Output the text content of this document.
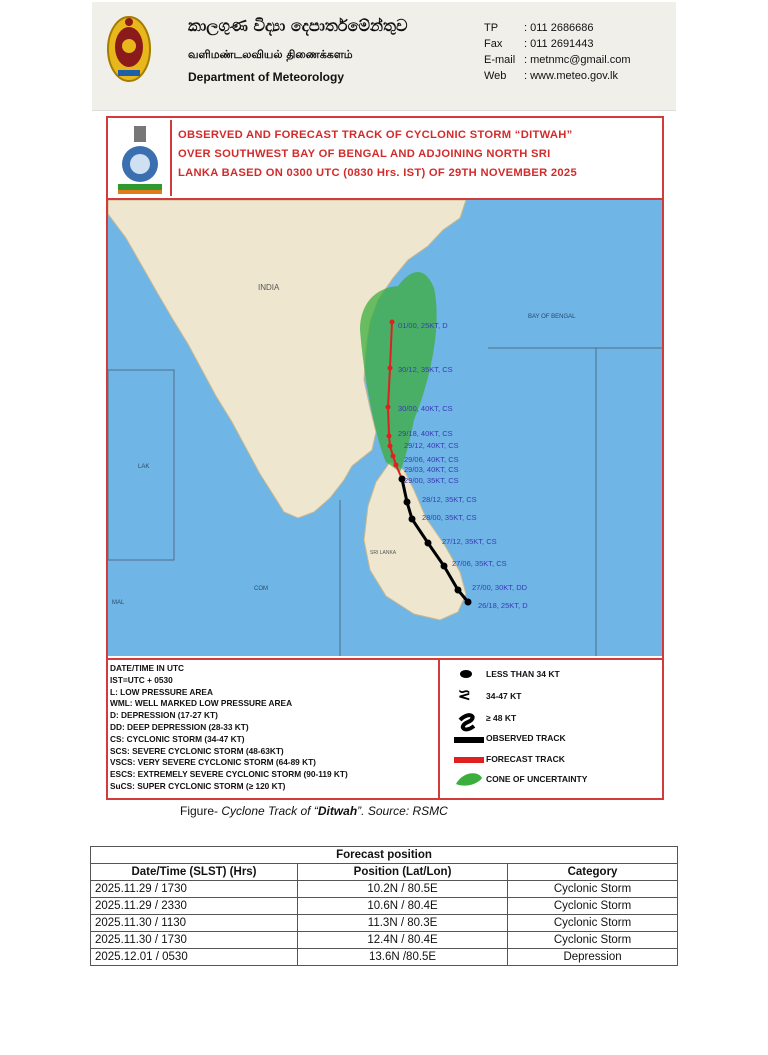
කාලගුණ විද්‍යා දෙපාර්තමේන්තුව
வளிமண்டலவியல் திணைக்களம்
Department of Meteorology
TP	: 011 2686686
Fax	: 011 2691443
E-mail : metnmc@gmail.com
Web	: www.meteo.gov.lk
OBSERVED AND FORECAST TRACK OF CYCLONIC STORM “DITWAH”
OVER SOUTHWEST BAY OF BENGAL AND ADJOINING NORTH SRI
LANKA BASED ON 0300 UTC (0830 Hrs. IST) OF 29TH NOVEMBER 2025
01/00, 25KT, D
30/12, 35KT, CS
30/00, 40KT, CS
29/18, 40KT, CS
29/12, 40KT, CS
29/06, 40KT, CS
29/03, 40KT, CS
29/00, 35KT, CS
28/12, 35KT, CS
28/00, 35KT, CS
27/12, 35KT, CS
27/06, 35KT, CS
27/00, 30KT, DD
26/18, 25KT, D
INDIA
BAY OF BENGAL
LAK
COM
MAL
SRI LANKA
DATE/TIME IN UTC
IST=UTC + 0530
L: LOW PRESSURE AREA
WML: WELL MARKED LOW PRESSURE AREA
D: DEPRESSION (17-27 KT)
DD: DEEP DEPRESSION (28-33 KT)
CS: CYCLONIC STORM (34-47 KT)
SCS: SEVERE CYCLONIC STORM (48-63KT)
VSCS: VERY SEVERE CYCLONIC STORM (64-89 KT)
ESCS: EXTREMELY SEVERE CYCLONIC STORM (90-119 KT)
SuCS: SUPER CYCLONIC STORM (≥ 120 KT)
⪝
LESS THAN 34 KT
34-47 KT
≥ 48 KT
OBSERVED TRACK
FORECAST TRACK
CONE OF UNCERTAINTY
Figure- Cyclone Track of “Ditwah”. Source: RSMC
Forecast position		
Date/Time (SLST) (Hrs)	Position (Lat/Lon)	Category
2025.11.29 / 1730	10.2N / 80.5E	Cyclonic Storm
2025.11.29 / 2330	10.6N / 80.4E	Cyclonic Storm
2025.11.30 / 1130	11.3N / 80.3E	Cyclonic Storm
2025.11.30 / 1730	12.4N / 80.4E	Cyclonic Storm
2025.12.01 / 0530	13.6N /80.5E	Depression
